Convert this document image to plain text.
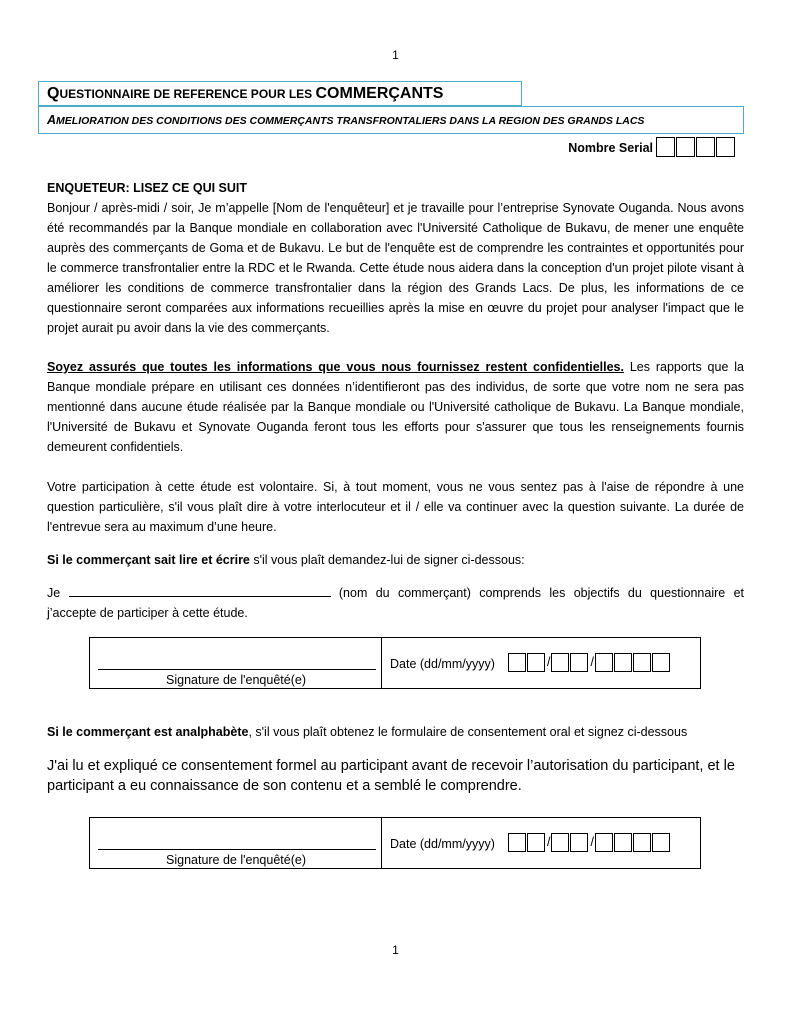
1
QUESTIONNAIRE DE REFERENCE POUR LES COMMERÇANTS
AMELIORATION DES CONDITIONS DES COMMERÇANTS TRANSFRONTALIERS DANS LA REGION DES GRANDS LACS
Nombre Serial
ENQUETEUR: LISEZ CE QUI SUIT
Bonjour / après-midi / soir, Je m’appelle [Nom de l'enquêteur] et je travaille pour l’entreprise Synovate Ouganda. Nous avons été recommandés par la Banque mondiale en collaboration avec l'Université Catholique de Bukavu, de mener une enquête auprès des commerçants de Goma et de Bukavu. Le but de l'enquête est de comprendre les contraintes et opportunités pour le commerce transfrontalier entre la RDC et le Rwanda. Cette étude nous aidera dans la conception d'un projet pilote visant à améliorer les conditions de commerce transfrontalier dans la région des Grands Lacs. De plus, les informations de ce questionnaire seront comparées aux informations recueillies après la mise en œuvre du projet pour analyser l'impact que le projet aurait pu avoir dans la vie des commerçants.
Soyez assurés que toutes les informations que vous nous fournissez restent confidentielles. Les rapports que la Banque mondiale prépare en utilisant ces données n’identifieront pas des individus, de sorte que votre nom ne sera pas mentionné dans aucune étude réalisée par la Banque mondiale ou l'Université catholique de Bukavu. La Banque mondiale, l'Université de Bukavu et Synovate Ouganda feront tous les efforts pour s'assurer que tous les renseignements fournis demeurent confidentiels.
Votre participation à cette étude est volontaire. Si, à tout moment, vous ne vous sentez pas à l'aise de répondre à une question particulière, s'il vous plaît dire à votre interlocuteur et il / elle va continuer avec la question suivante. La durée de l'entrevue sera au maximum d’une heure.
Si le commerçant sait lire et écrire s'il vous plaît demandez-lui de signer ci-dessous:
Je	(nom du commerçant) comprends les objectifs du questionnaire et j’accepte de participer à cette étude.
Signature de l'enquêté(e)
Date (dd/mm/yyyy)	/	/
Si le commerçant est analphabète, s'il vous plaît obtenez le formulaire de consentement oral et signez ci-dessous
J'ai lu et expliqué ce consentement formel au participant avant de recevoir l’autorisation du participant, et le participant a eu connaissance de son contenu et a semblé le comprendre.
Signature de l'enquêté(e)
Date (dd/mm/yyyy)	/	/
1
